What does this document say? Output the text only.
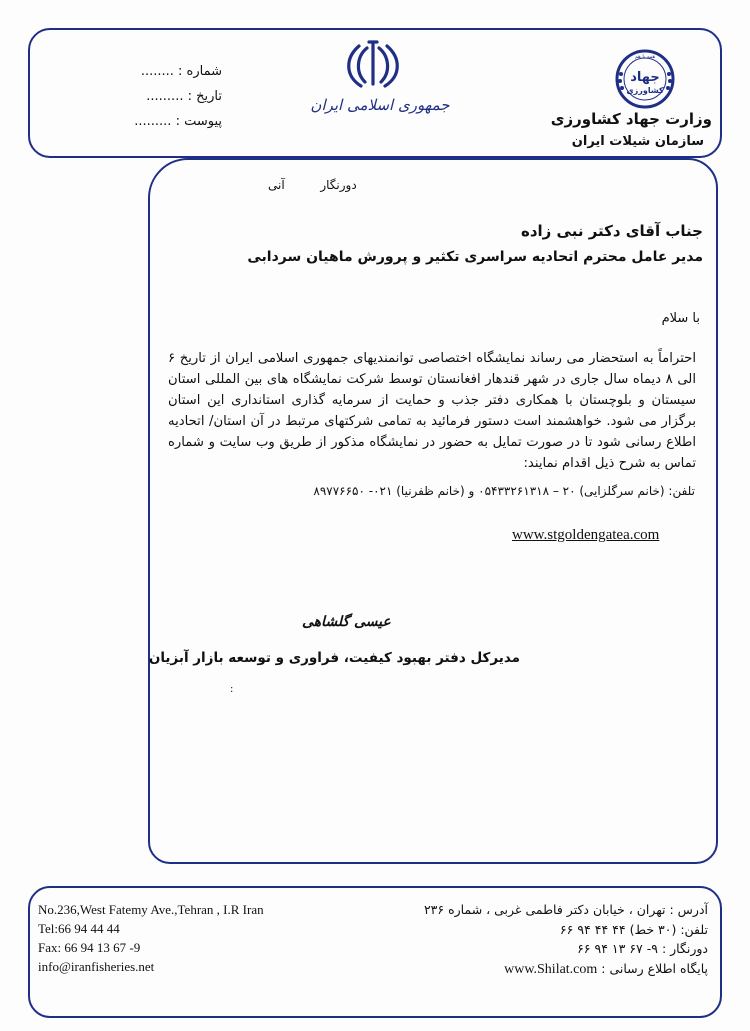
شماره : ........
تاریخ : .........
پیوست : .........
جمهوری اسلامی ایران
همه با هم
جهاد
کشاورزی
وزارت جهاد کشاورزی
سازمان شیلات ایران
دورنگار  آنی
جناب آقای دکتر نبی زاده
مدیر عامل محترم اتحادیه سراسری تکثیر و پرورش ماهیان سردابی
با سلام
احتراماً به استحضار می رساند نمایشگاه اختصاصی توانمندیهای جمهوری اسلامی ایران از تاریخ ۶ الی ۸ دیماه سال جاری در شهر قندهار افغانستان توسط شرکت نمایشگاه های بین المللی استان سیستان و بلوچستان با همکاری دفتر جذب و حمایت از سرمایه گذاری استانداری این استان برگزار می شود. خواهشمند است دستور فرمائید به تمامی شرکتهای مرتبط در آن استان/ اتحادیه اطلاع رسانی شود تا در صورت تمایل به حضور در نمایشگاه مذکور از طریق وب سایت و شماره تماس به شرح ذیل اقدام نمایند:
تلفن: (خانم سرگلزایی) ۲۰ – ۰۵۴۳۳۲۶۱۳۱۸ و (خانم ظفرنیا) ۰۲۱- ۸۹۷۷۶۶۵۰
www.stgoldengatea.com
عیسی گلشاهی
مدیرکل دفتر بهبود کیفیت، فراوری و توسعه بازار آبزیان
:
No.236,West Fatemy Ave.,Tehran , I.R Iran
Tel:66 94 44 44
Fax: 66 94 13 67 -9
info@iranfisheries.net
آدرس : تهران ، خیابان دکتر فاطمی غربی ، شماره ۲۳۶
تلفن: (۳۰ خط) ۴۴ ۴۴ ۹۴ ۶۶
دورنگار : ۹- ۶۷ ۱۳ ۹۴ ۶۶
پایگاه اطلاع رسانی : www.Shilat.com
